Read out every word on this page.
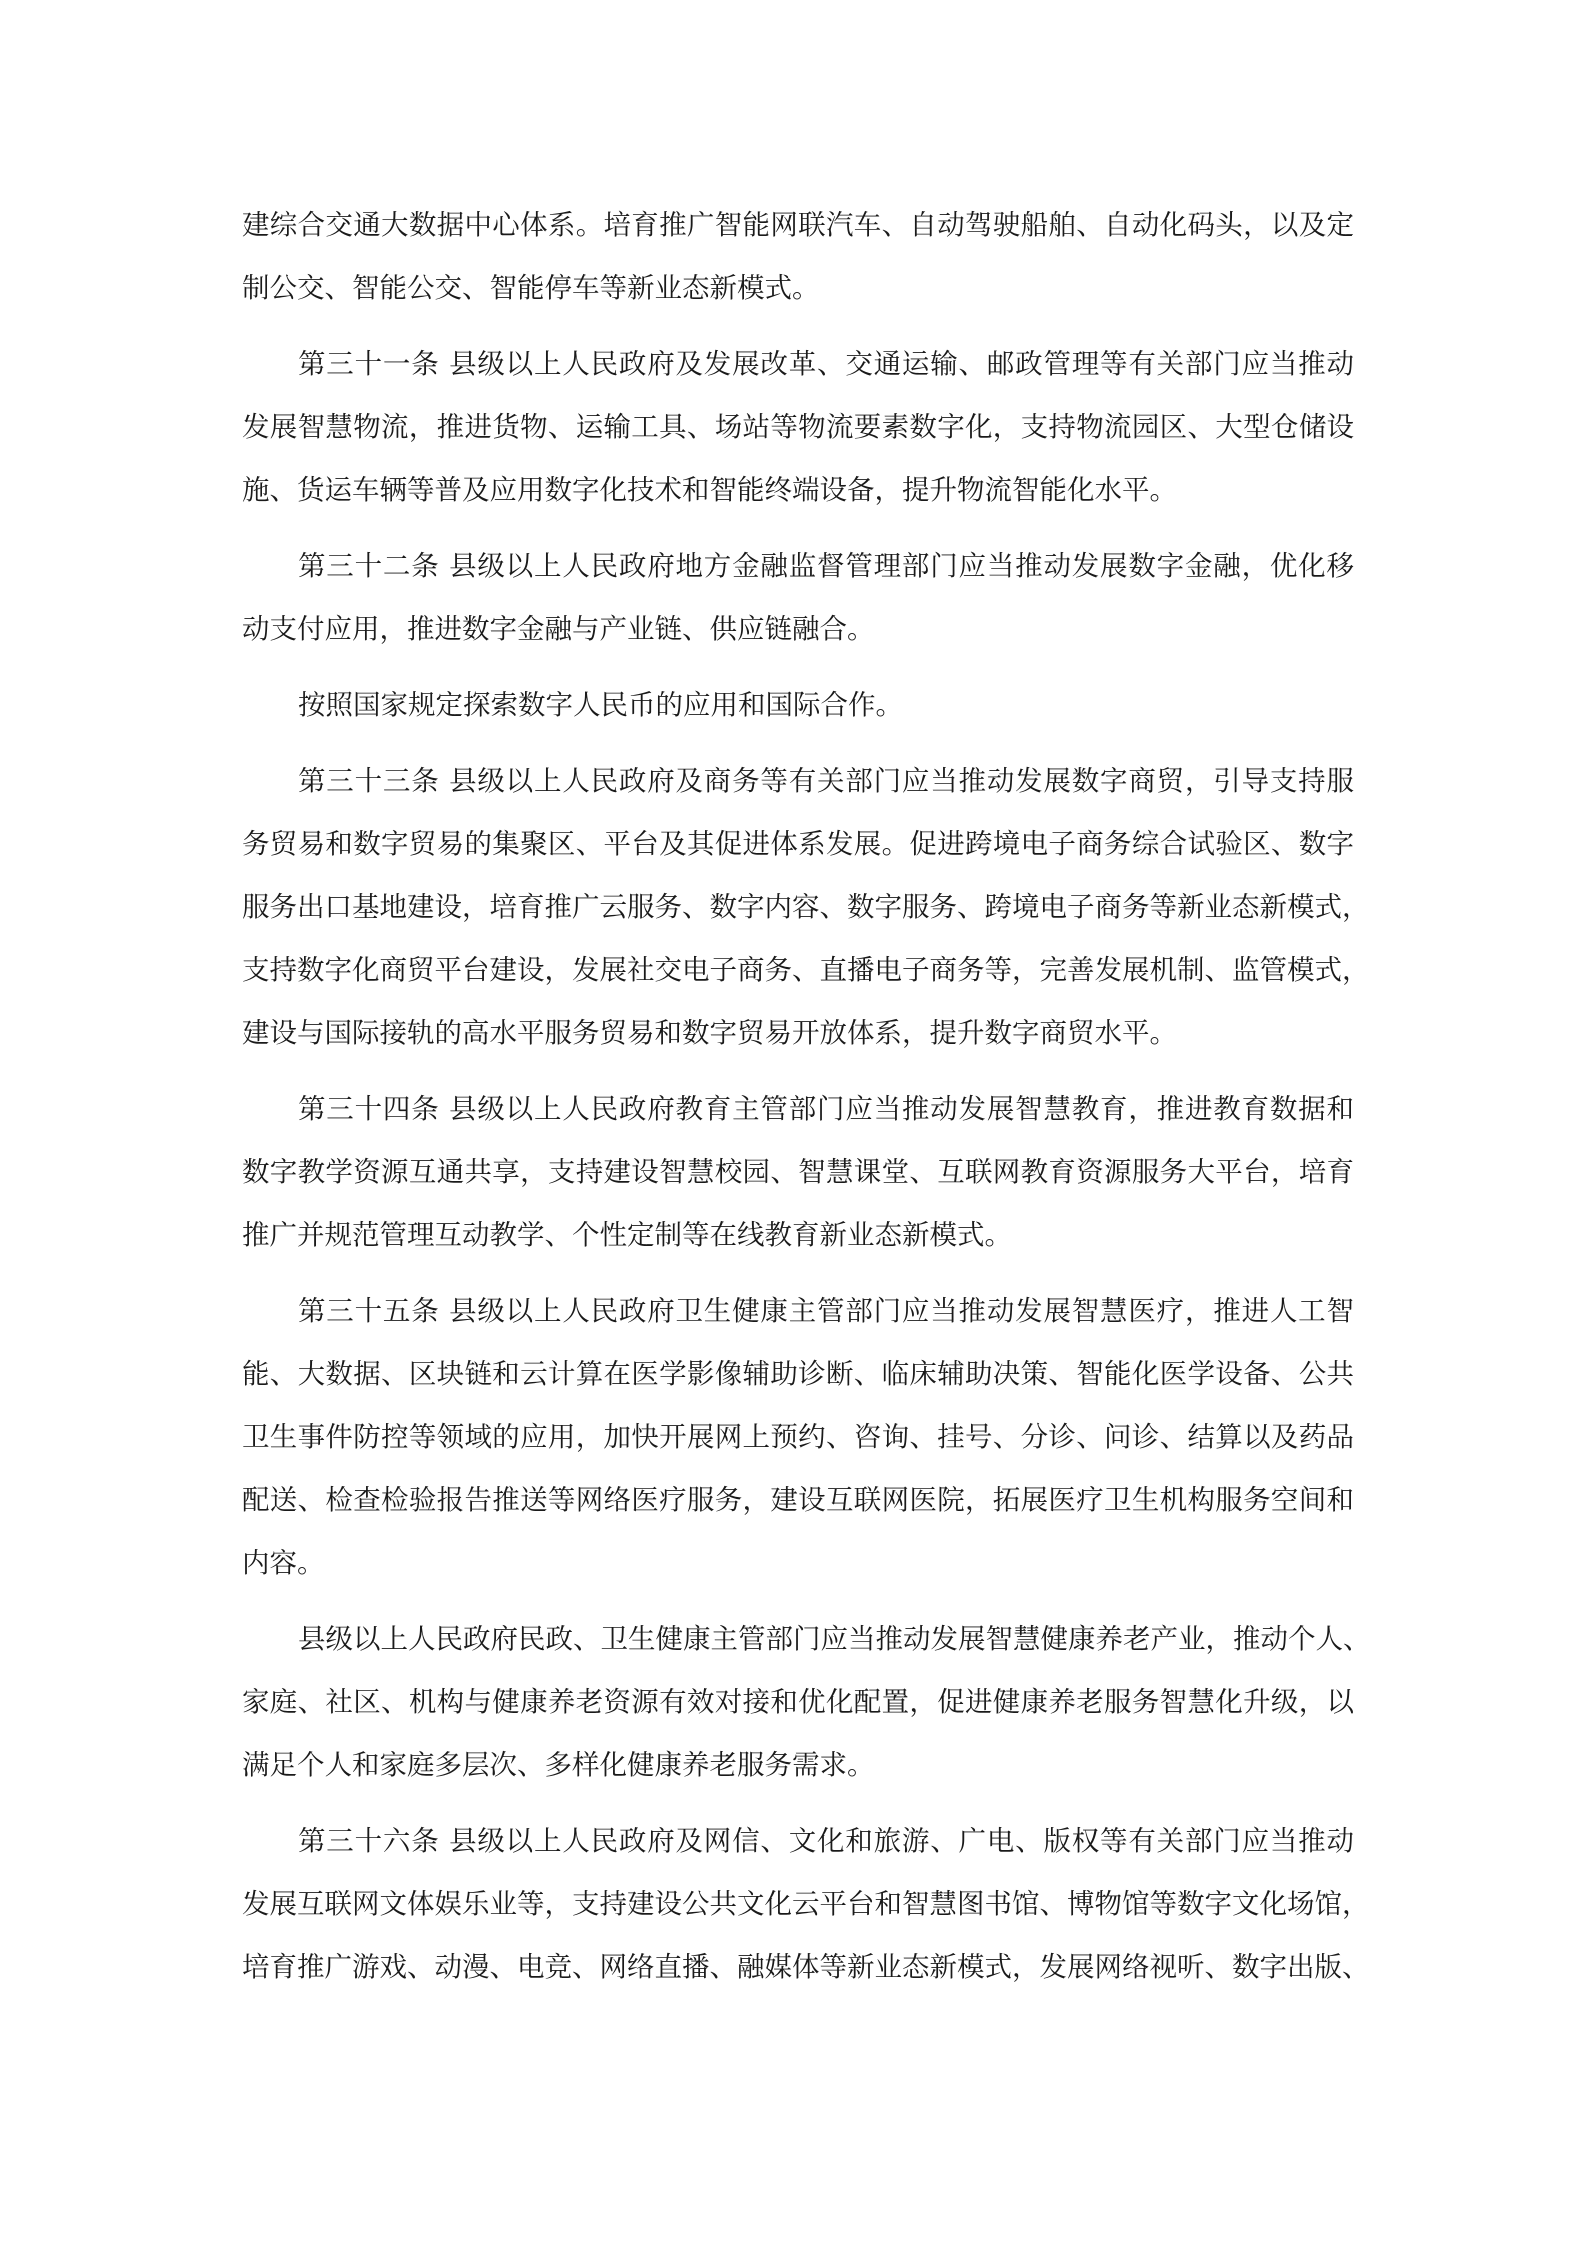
建综合交通大数据中心体系。培育推广智能网联汽车、自动驾驶船舶、自动化码头，以及定
制公交、智能公交、智能停车等新业态新模式。
第三十一条 县级以上人民政府及发展改革、交通运输、邮政管理等有关部门应当推动
发展智慧物流，推进货物、运输工具、场站等物流要素数字化，支持物流园区、大型仓储设
施、货运车辆等普及应用数字化技术和智能终端设备，提升物流智能化水平。
第三十二条 县级以上人民政府地方金融监督管理部门应当推动发展数字金融，优化移
动支付应用，推进数字金融与产业链、供应链融合。
按照国家规定探索数字人民币的应用和国际合作。
第三十三条 县级以上人民政府及商务等有关部门应当推动发展数字商贸，引导支持服
务贸易和数字贸易的集聚区、平台及其促进体系发展。促进跨境电子商务综合试验区、数字
服务出口基地建设，培育推广云服务、数字内容、数字服务、跨境电子商务等新业态新模式，
支持数字化商贸平台建设，发展社交电子商务、直播电子商务等，完善发展机制、监管模式，
建设与国际接轨的高水平服务贸易和数字贸易开放体系，提升数字商贸水平。
第三十四条 县级以上人民政府教育主管部门应当推动发展智慧教育，推进教育数据和
数字教学资源互通共享，支持建设智慧校园、智慧课堂、互联网教育资源服务大平台，培育
推广并规范管理互动教学、个性定制等在线教育新业态新模式。
第三十五条 县级以上人民政府卫生健康主管部门应当推动发展智慧医疗，推进人工智
能、大数据、区块链和云计算在医学影像辅助诊断、临床辅助决策、智能化医学设备、公共
卫生事件防控等领域的应用，加快开展网上预约、咨询、挂号、分诊、问诊、结算以及药品
配送、检查检验报告推送等网络医疗服务，建设互联网医院，拓展医疗卫生机构服务空间和
内容。
县级以上人民政府民政、卫生健康主管部门应当推动发展智慧健康养老产业，推动个人、
家庭、社区、机构与健康养老资源有效对接和优化配置，促进健康养老服务智慧化升级，以
满足个人和家庭多层次、多样化健康养老服务需求。
第三十六条 县级以上人民政府及网信、文化和旅游、广电、版权等有关部门应当推动
发展互联网文体娱乐业等，支持建设公共文化云平台和智慧图书馆、博物馆等数字文化场馆，
培育推广游戏、动漫、电竞、网络直播、融媒体等新业态新模式，发展网络视听、数字出版、
